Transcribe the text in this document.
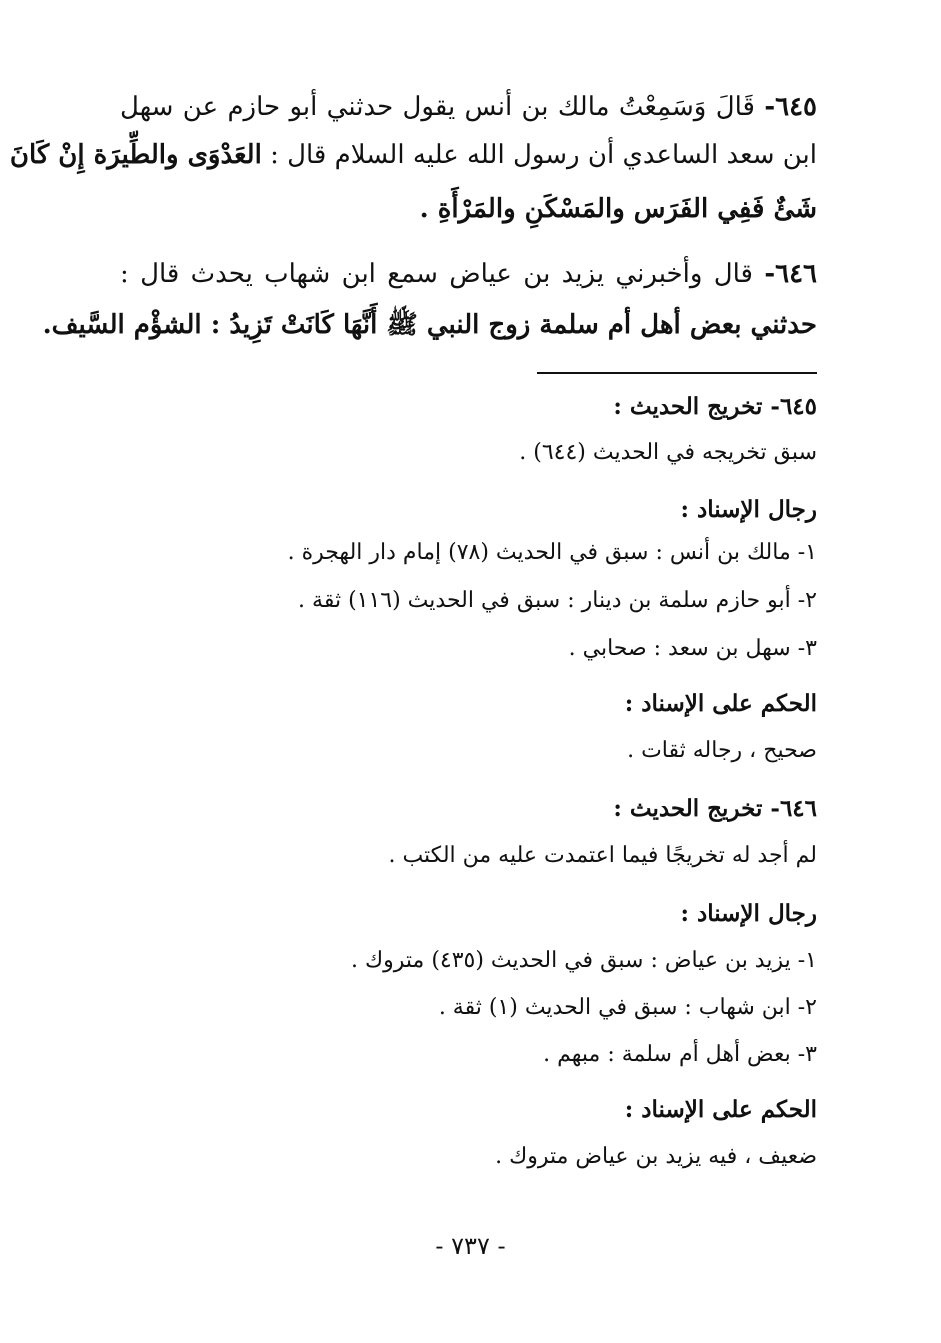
٦٤٥- قَالَ وَسَمِعْتُ مالك بن أنس يقول حدثني أبو حازم عن سهل
ابن سعد الساعدي أن رسول الله عليه السلام قال : العَدْوَى والطِّيرَة إِنْ كَانَ
شَئٌ فَفِي الفَرَس والمَسْكَنِ والمَرْأَةِ .
٦٤٦- قال وأخبرني يزيد بن عياض سمع ابن شهاب يحدث قال :
حدثني بعض أهل أم سلمة زوج النبي ﷺ أَنَّهَا كَانَتْ تَزِيدُ : الشؤْم السَّيف.
٦٤٥- تخريج الحديث :
سبق تخريجه في الحديث (٦٤٤) .
رجال الإسناد :
١- مالك بن أنس : سبق في الحديث (٧٨) إمام دار الهجرة .
٢- أبو حازم سلمة بن دينار : سبق في الحديث (١١٦) ثقة .
٣- سهل بن سعد : صحابي .
الحكم على الإسناد :
صحيح ، رجاله ثقات .
٦٤٦- تخريج الحديث :
لم أجد له تخريجًا فيما اعتمدت عليه من الكتب .
رجال الإسناد :
١- يزيد بن عياض : سبق في الحديث (٤٣٥) متروك .
٢- ابن شهاب : سبق في الحديث (١) ثقة .
٣- بعض أهل أم سلمة : مبهم .
الحكم على الإسناد :
ضعيف ، فيه يزيد بن عياض متروك .
- ٧٣٧ -
